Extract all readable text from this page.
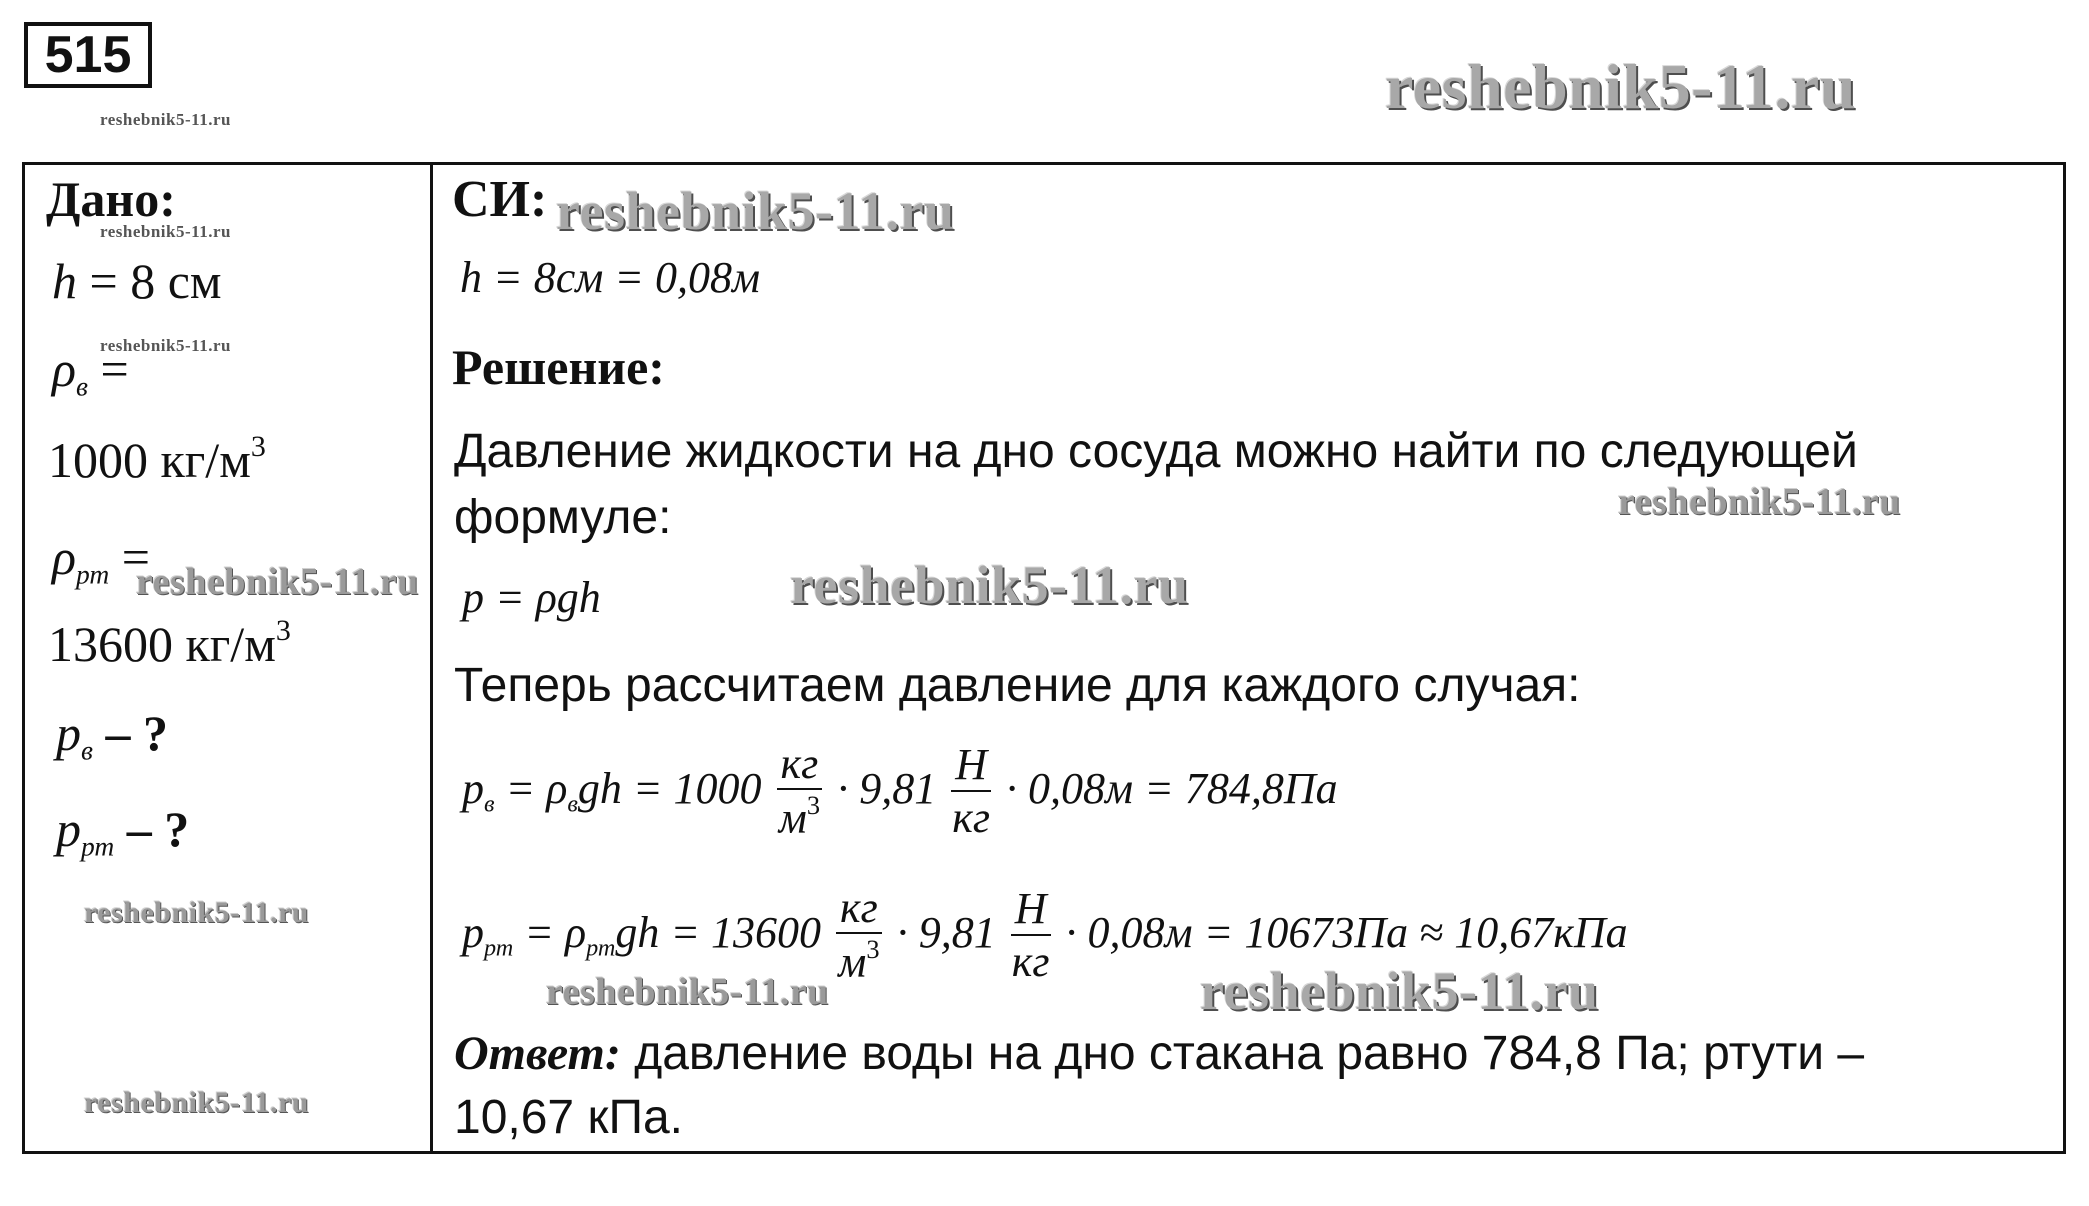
515	reshebnik5-11.ru
reshebnik5-11.ru
reshebnik5-11.ru
reshebnik5-11.ru
Дано:
h = 8 см
$\rho_в$ =
1000 $кг/м^3$
$\rho_{рт}$ =
reshebnik5-11.ru
13600 $кг/м^3$
$p_в$ – ?
$p_{рт}$ – ?
reshebnik5-11.ru
reshebnik5-11.ru
СИ: reshebnik5-11.ru
h = 8см = 0,08м
Решение:
Давление жидкости на дно сосуда можно найти по следующей
формуле:	reshebnik5-11.ru
p = ρgh	reshebnik5-11.ru
Теперь рассчитаем давление для каждого случая:
$p_в = \rho_вgh = 1000 \frac{кг}{м^3} \cdot 9,81 \frac{Н}{кг} \cdot 0,08м = 784,8Па$
$p_{рт} = \rho_{рт}gh = 13600 \frac{кг}{м^3} \cdot 9,81 \frac{Н}{кг} \cdot 0,08м = 10673Па \approx 10,67кПа$
reshebnik5-11.ru	reshebnik5-11.ru
Ответ: давление воды на дно стакана равно 784,8 Па; ртути –
10,67 кПа.
